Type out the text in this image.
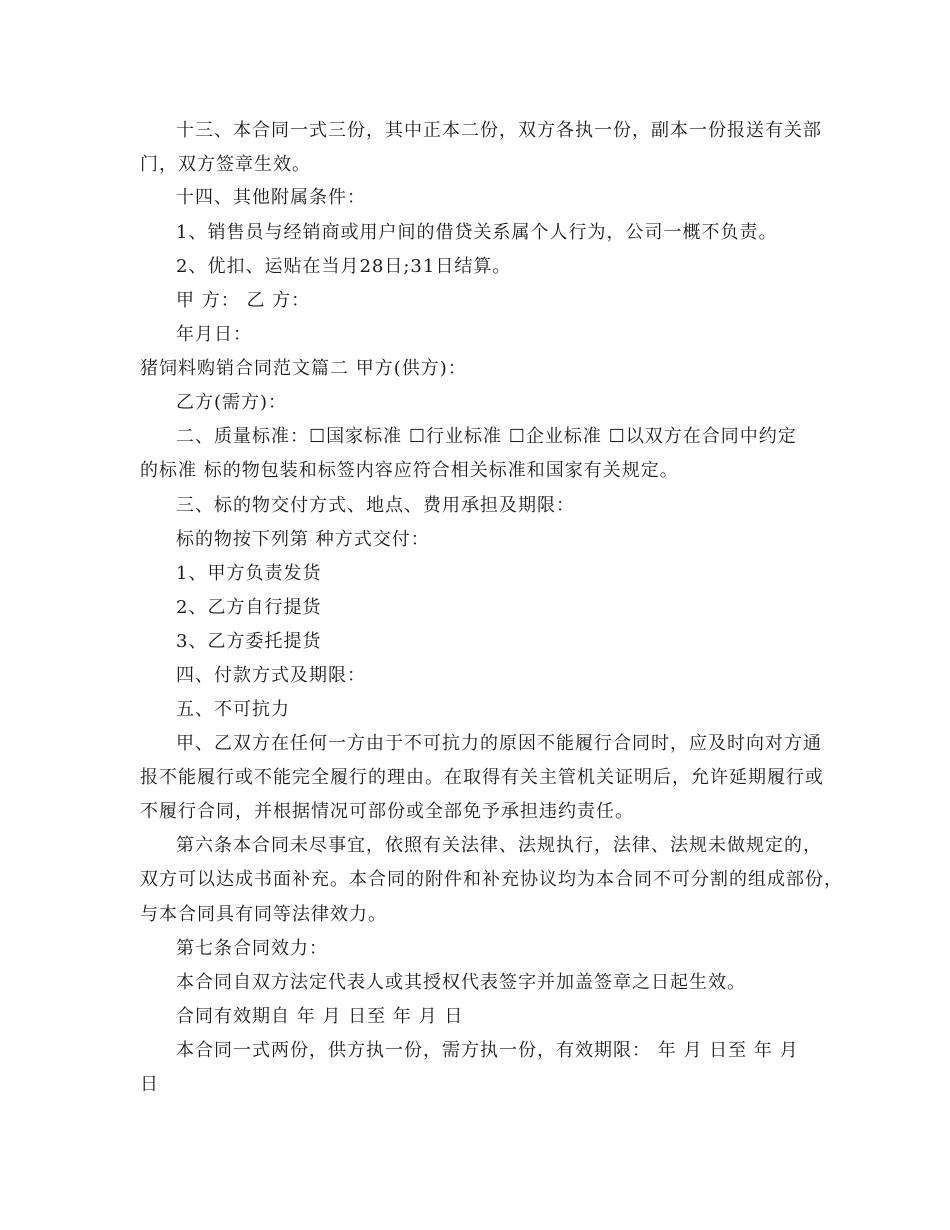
十三、本合同一式三份，其中正本二份，双方各执一份，副本一份报送有关部
门，双方签章生效。
十四、其他附属条件：
1、销售员与经销商或用户间的借贷关系属个人行为，公司一概不负责。
2、优扣、运贴在当月28日;31日结算。
甲 方： 乙 方：
年月日：
猪饲料购销合同范文篇二 甲方(供方)：
乙方(需方)：
二、质量标准：☐国家标准 ☐行业标准 ☐企业标准 ☐以双方在合同中约定
的标准 标的物包装和标签内容应符合相关标准和国家有关规定。
三、标的物交付方式、地点、费用承担及期限：
标的物按下列第 种方式交付：
1、甲方负责发货
2、乙方自行提货
3、乙方委托提货
四、付款方式及期限：
五、不可抗力
甲、乙双方在任何一方由于不可抗力的原因不能履行合同时，应及时向对方通
报不能履行或不能完全履行的理由。在取得有关主管机关证明后，允许延期履行或
不履行合同，并根据情况可部份或全部免予承担违约责任。
第六条本合同未尽事宜，依照有关法律、法规执行，法律、法规未做规定的，
双方可以达成书面补充。本合同的附件和补充协议均为本合同不可分割的组成部份，
与本合同具有同等法律效力。
第七条合同效力：
本合同自双方法定代表人或其授权代表签字并加盖签章之日起生效。
合同有效期自 年 月 日至 年 月 日
本合同一式两份，供方执一份，需方执一份，有效期限： 年 月 日至 年 月
日
